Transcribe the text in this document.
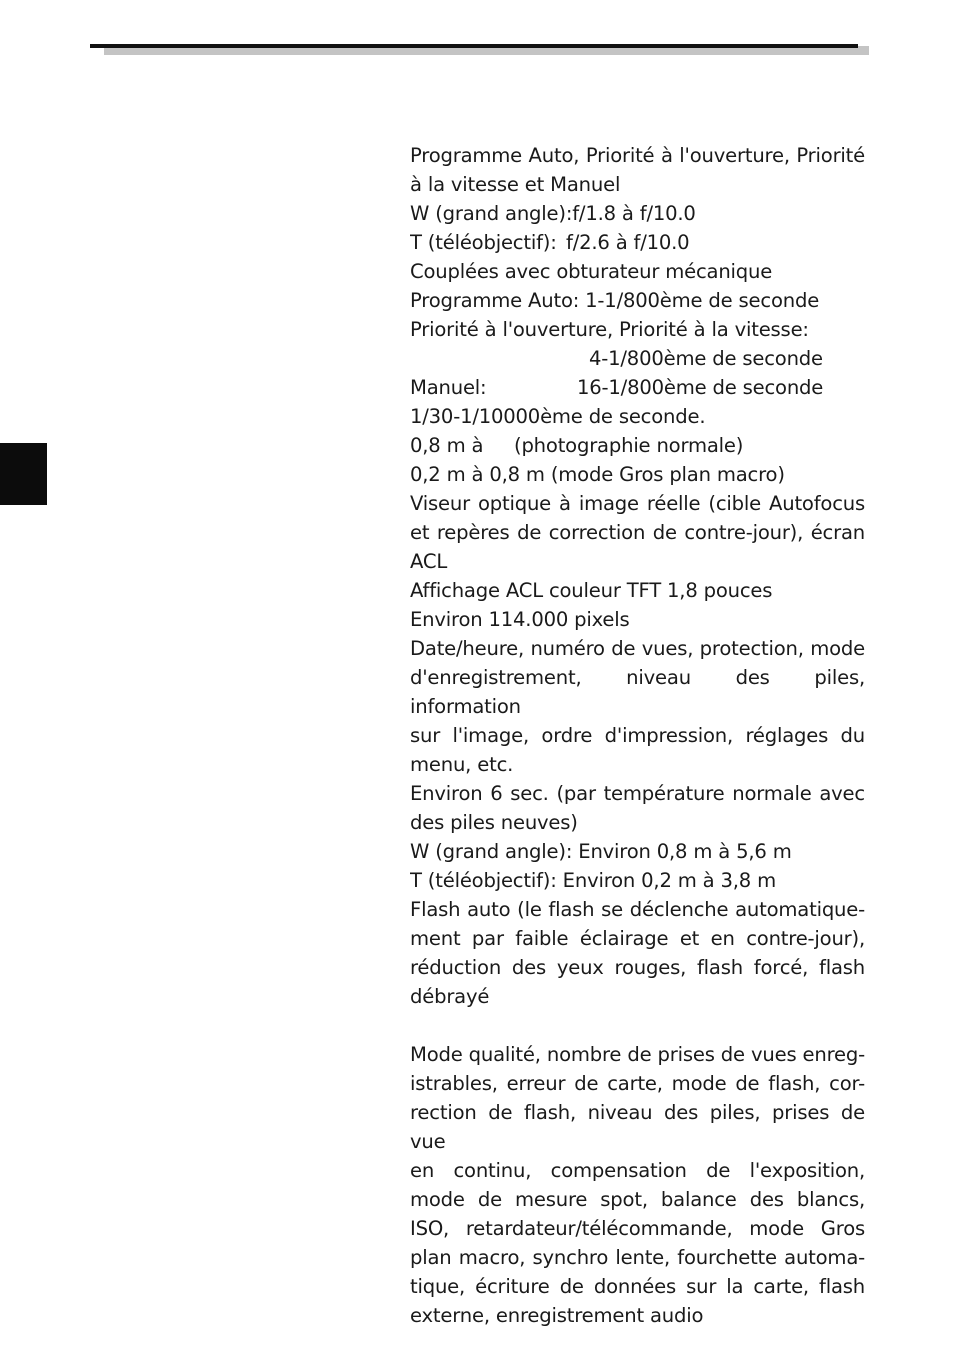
Programme Auto, Priorité à l'ouverture, Priorité
à la vitesse et Manuel
W (grand angle):f/1.8 à f/10.0
T (téléobjectif): f/2.6 à f/10.0
Couplées avec obturateur mécanique
Programme Auto: 1-1/800ème de seconde
Priorité à l'ouverture, Priorité à la vitesse:
4-1/800ème de seconde
Manuel:	16-1/800ème de seconde
1/30-1/10000ème de seconde.
0,8 m à (photographie normale)
0,2 m à 0,8 m (mode Gros plan macro)
Viseur optique à image réelle (cible Autofocus
et repères de correction de contre-jour), écran
ACL
Affichage ACL couleur TFT 1,8 pouces
Environ 114.000 pixels
Date/heure, numéro de vues, protection, mode
d'enregistrement, niveau des piles, information
sur l'image, ordre d'impression, réglages du
menu, etc.
Environ 6 sec. (par température normale avec
des piles neuves)
W (grand angle): Environ 0,8 m à 5,6 m
T (téléobjectif): Environ 0,2 m à 3,8 m
Flash auto (le flash se déclenche automatique-
ment par faible éclairage et en contre-jour),
réduction des yeux rouges, flash forcé, flash
débrayé
Mode qualité, nombre de prises de vues enreg-
istrables, erreur de carte, mode de flash, cor-
rection de flash, niveau des piles, prises de vue
en continu, compensation de l'exposition,
mode de mesure spot, balance des blancs,
ISO, retardateur/télécommande, mode Gros
plan macro, synchro lente, fourchette automa-
tique, écriture de données sur la carte, flash
externe, enregistrement audio
